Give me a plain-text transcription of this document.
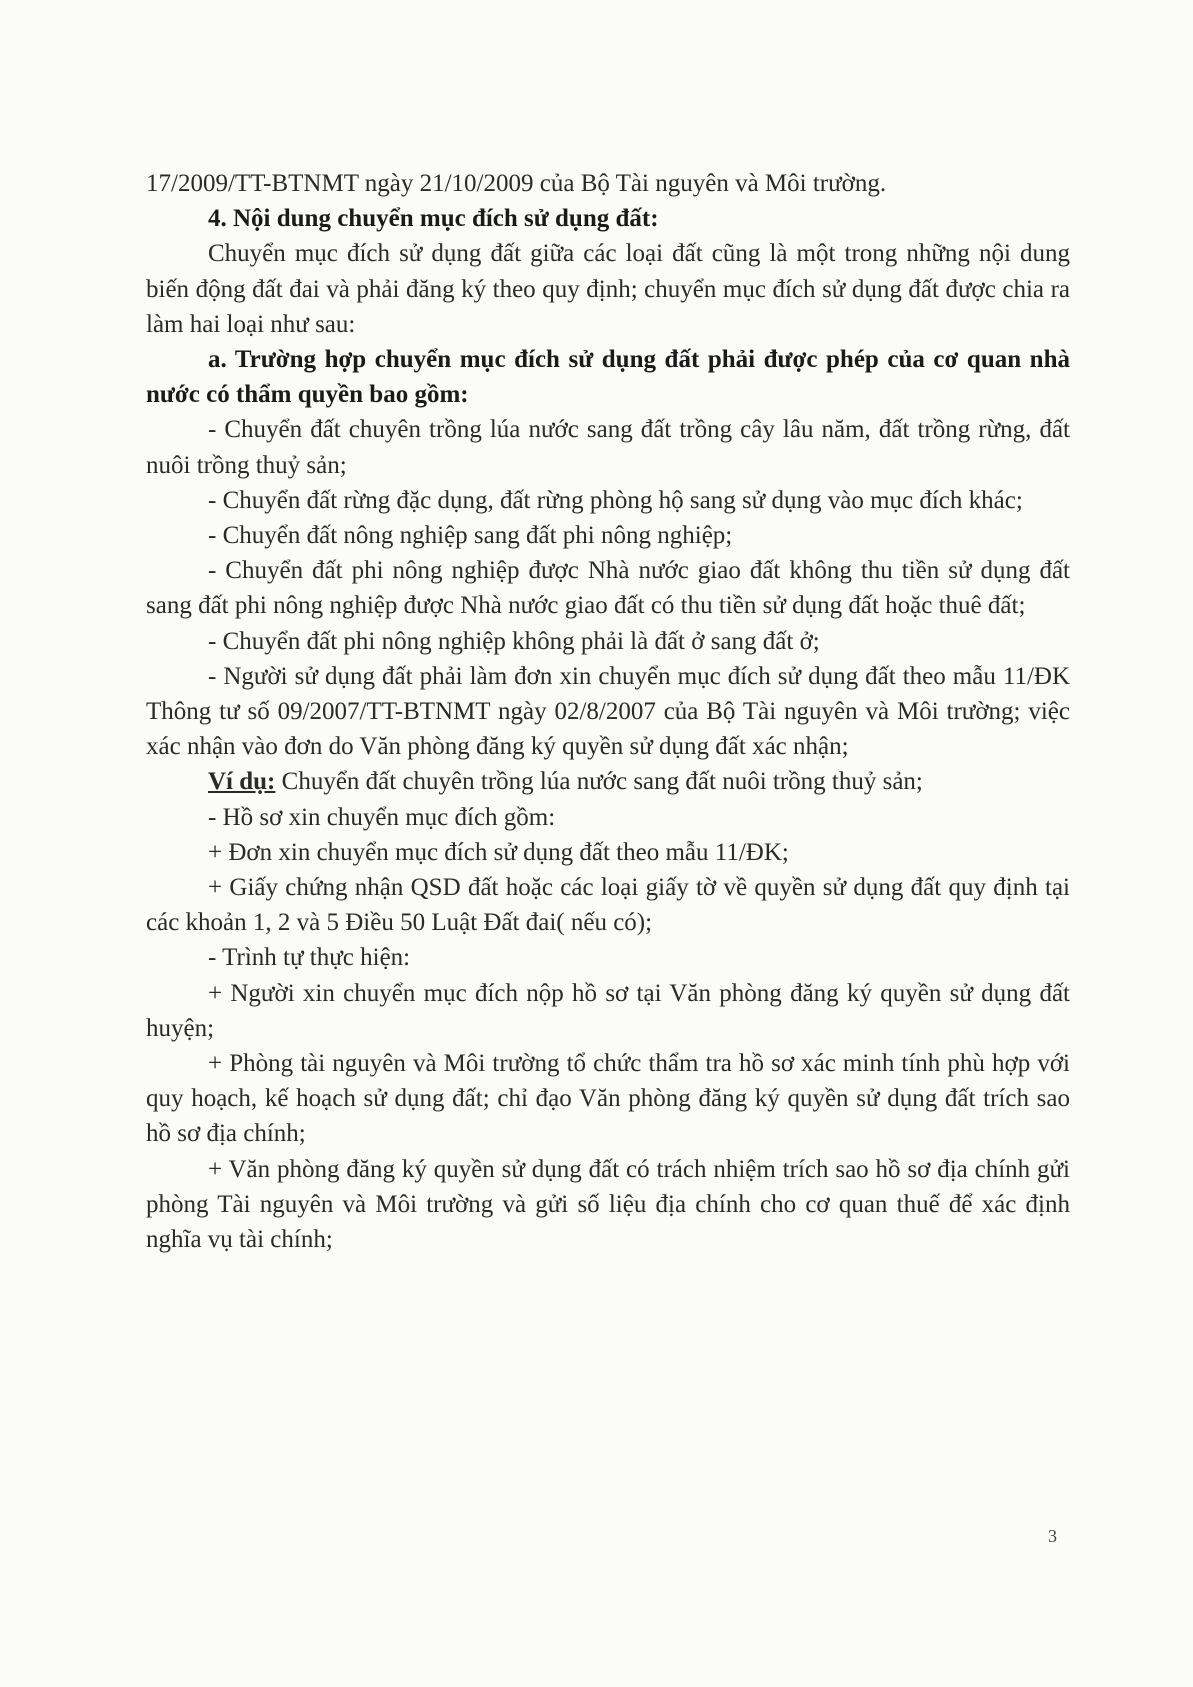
17/2009/TT-BTNMT ngày 21/10/2009 của Bộ Tài nguyên và Môi trường.

4. Nội dung chuyển mục đích sử dụng đất:

Chuyển mục đích sử dụng đất giữa các loại đất cũng là một trong những nội dung biến động đất đai và phải đăng ký theo quy định; chuyển mục đích sử dụng đất được chia ra làm hai loại như sau:

a. Trường hợp chuyển mục đích sử dụng đất phải được phép của cơ quan nhà nước có thẩm quyền bao gồm:

- Chuyển đất chuyên trồng lúa nước sang đất trồng cây lâu năm, đất trồng rừng, đất nuôi trồng thuỷ sản;

- Chuyển đất rừng đặc dụng, đất rừng phòng hộ sang sử dụng vào mục đích khác;

- Chuyển đất nông nghiệp sang đất phi nông nghiệp;

- Chuyển đất phi nông nghiệp được Nhà nước giao đất không thu tiền sử dụng đất sang đất phi nông nghiệp được Nhà nước giao đất có thu tiền sử dụng đất hoặc thuê đất;

- Chuyển đất phi nông nghiệp không phải là đất ở sang đất ở;

- Người sử dụng đất phải làm đơn xin chuyển mục đích sử dụng đất theo mẫu 11/ĐK Thông tư số 09/2007/TT-BTNMT ngày 02/8/2007 của Bộ Tài nguyên và Môi trường; việc xác nhận vào đơn do Văn phòng đăng ký quyền sử dụng đất xác nhận;

Ví dụ: Chuyển đất chuyên trồng lúa nước sang đất nuôi trồng thuỷ sản;

- Hồ sơ xin chuyển mục đích gồm:

+ Đơn xin chuyển mục đích sử dụng đất theo mẫu 11/ĐK;

+ Giấy chứng nhận QSD đất hoặc các loại giấy tờ về quyền sử dụng đất quy định tại các khoản 1, 2 và 5 Điều 50 Luật Đất đai( nếu có);

- Trình tự thực hiện:

+ Người xin chuyển mục đích nộp hồ sơ tại Văn phòng đăng ký quyền sử dụng đất huyện;

+ Phòng tài nguyên và Môi trường tổ chức thẩm tra hồ sơ xác minh tính phù hợp với quy hoạch, kế hoạch sử dụng đất; chỉ đạo Văn phòng đăng ký quyền sử dụng đất trích sao hồ sơ địa chính;

+ Văn phòng đăng ký quyền sử dụng đất có trách nhiệm trích sao hồ sơ địa chính gửi phòng Tài nguyên và Môi trường và gửi số liệu địa chính cho cơ quan thuế để xác định nghĩa vụ tài chính;

3
